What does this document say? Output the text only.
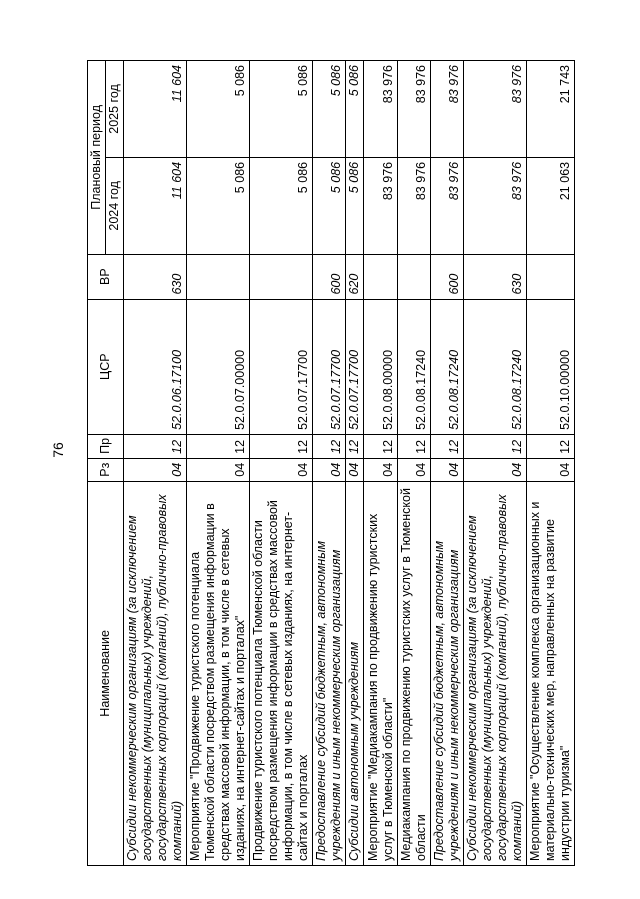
76
Наименование	Рз	Пр	ЦСР	ВР	Плановый период	
					2024 год	2025 год
Субсидии некоммерческим организациям (за исключением государственных (муниципальных) учреждений, государственных корпораций (компаний), публично-правовых компаний)	04	12	52.0.06.17100	630	11 604	11 604
Мероприятие "Продвижение туристского потенциала Тюменской области посредством размещения информации в средствах массовой информации, в том числе в сетевых изданиях, на интернет-сайтах и порталах"	04	12	52.0.07.00000		5 086	5 086
Продвижение туристского потенциала Тюменской области посредством размещения информации в средствах массовой информации, в том числе в сетевых изданиях, на интернет-сайтах и порталах	04	12	52.0.07.17700		5 086	5 086
Предоставление субсидий бюджетным, автономным учреждениям и иным некоммерческим организациям	04	12	52.0.07.17700	600	5 086	5 086
Субсидии автономным учреждениям	04	12	52.0.07.17700	620	5 086	5 086
Мероприятие "Медиакампания по продвижению туристских услуг в Тюменской области"	04	12	52.0.08.00000		83 976	83 976
Медиакампания по продвижению туристских услуг в Тюменской области	04	12	52.0.08.17240		83 976	83 976
Предоставление субсидий бюджетным, автономным учреждениям и иным некоммерческим организациям	04	12	52.0.08.17240	600	83 976	83 976
Субсидии некоммерческим организациям (за исключением государственных (муниципальных) учреждений, государственных корпораций (компаний), публично-правовых компаний)	04	12	52.0.08.17240	630	83 976	83 976
Мероприятие "Осуществление комплекса организационных и материально-технических мер, направленных на развитие индустрии туризма"	04	12	52.0.10.00000		21 063	21 743
